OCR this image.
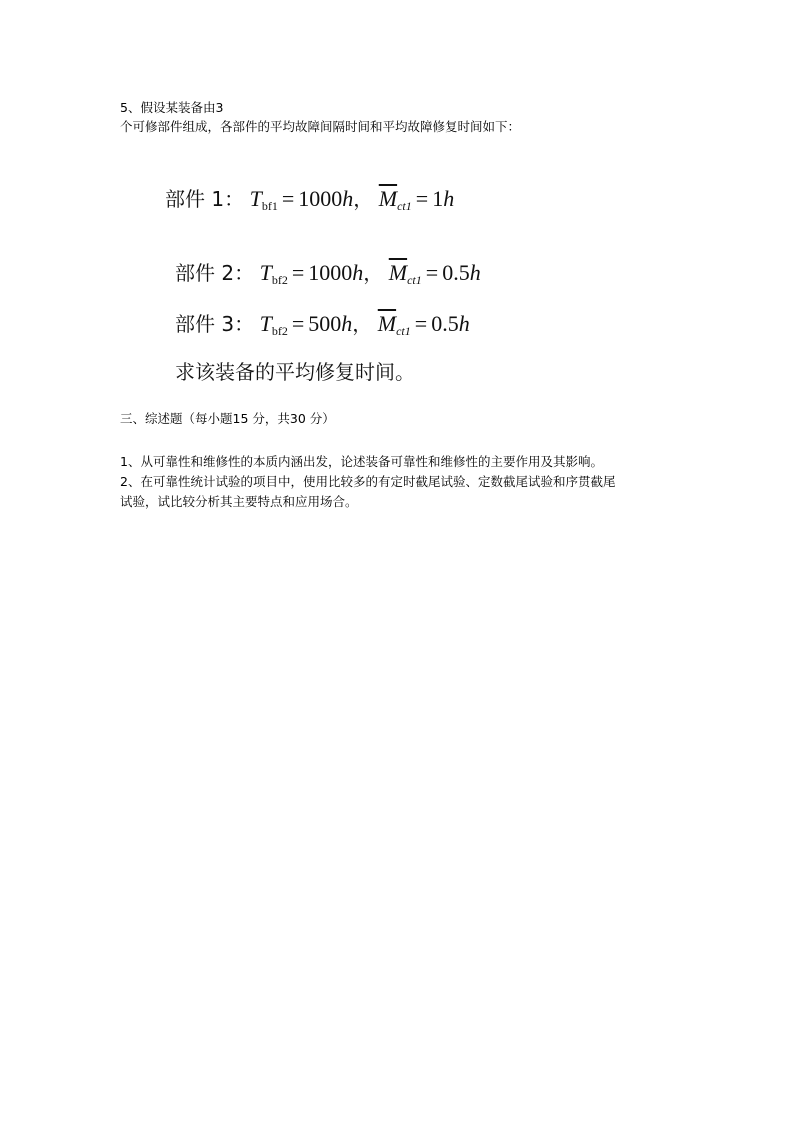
5、假设某装备由3
个可修部件组成，各部件的平均故障间隔时间和平均故障修复时间如下：
部件 1： $T_{bf1} = 1000h$， $\overline{M}_{ct1} = 1h$
部件 2： $T_{bf2} = 1000h$， $\overline{M}_{ct1} = 0.5h$
部件 3： $T_{bf2} = 500h$， $\overline{M}_{ct1} = 0.5h$
求该装备的平均修复时间。
三、综述题（每小题15 分，共30 分）
1、从可靠性和维修性的本质内涵出发，论述装备可靠性和维修性的主要作用及其影响。
2、在可靠性统计试验的项目中，使用比较多的有定时截尾试验、定数截尾试验和序贯截尾
试验，试比较分析其主要特点和应用场合。
